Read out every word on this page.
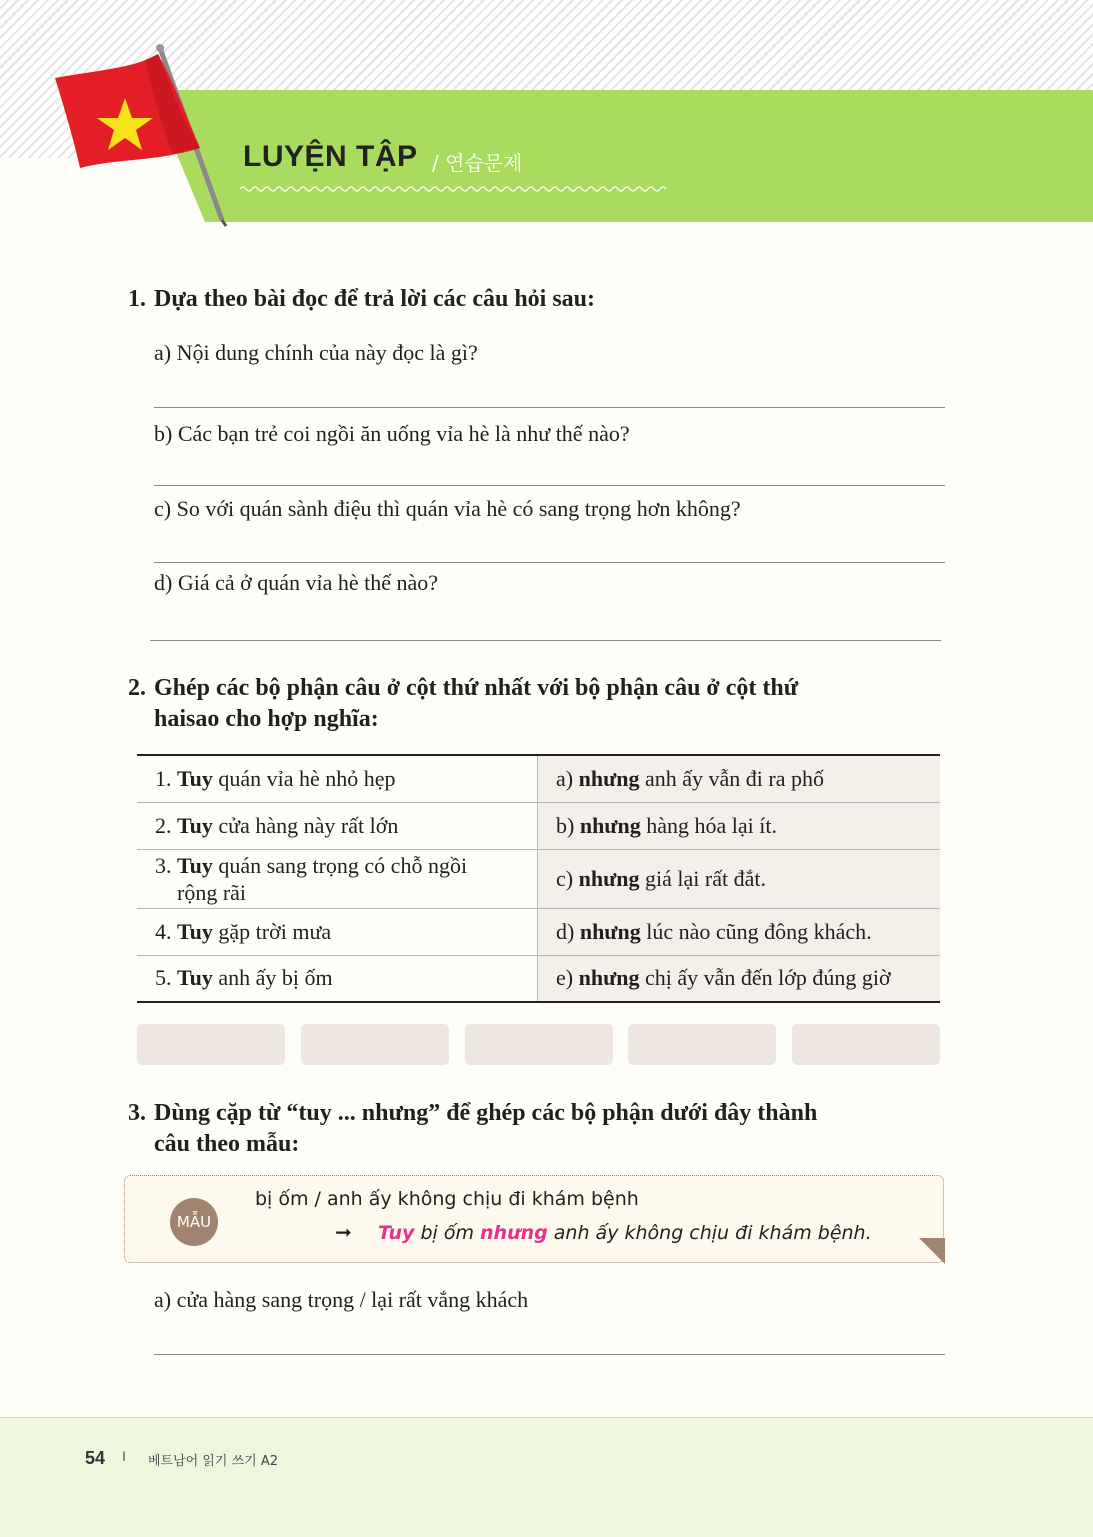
LUYỆN TẬP / 연습문제
1. Dựa theo bài đọc để trả lời các câu hỏi sau:
a) Nội dung chính của này đọc là gì?
b) Các bạn trẻ coi ngồi ăn uống vỉa hè là như thế nào?
c) So với quán sành điệu thì quán vỉa hè có sang trọng hơn không?
d) Giá cả ở quán vỉa hè thế nào?
2. Ghép các bộ phận câu ở cột thứ nhất với bộ phận câu ở cột thứ
haisao cho hợp nghĩa:
1. Tuy quán vỉa hè nhỏ hẹp	a) nhưng anh ấy vẫn đi ra phố
2. Tuy cửa hàng này rất lớn	b) nhưng hàng hóa lại ít.
3. Tuy quán sang trọng có chỗ ngồi
rộng rãi	c) nhưng giá lại rất đắt.
4. Tuy gặp trời mưa	d) nhưng lúc nào cũng đông khách.
5. Tuy anh ấy bị ốm	e) nhưng chị ấy vẫn đến lớp đúng giờ
3. Dùng cặp từ “tuy ... nhưng” để ghép các bộ phận dưới đây thành
câu theo mẫu:
MẪU
bị ốm / anh ấy không chịu đi khám bệnh
➞ Tuy bị ốm nhưng anh ấy không chịu đi khám bệnh.
a) cửa hàng sang trọng / lại rất vắng khách
54 I 베트남어 읽기 쓰기 A2
